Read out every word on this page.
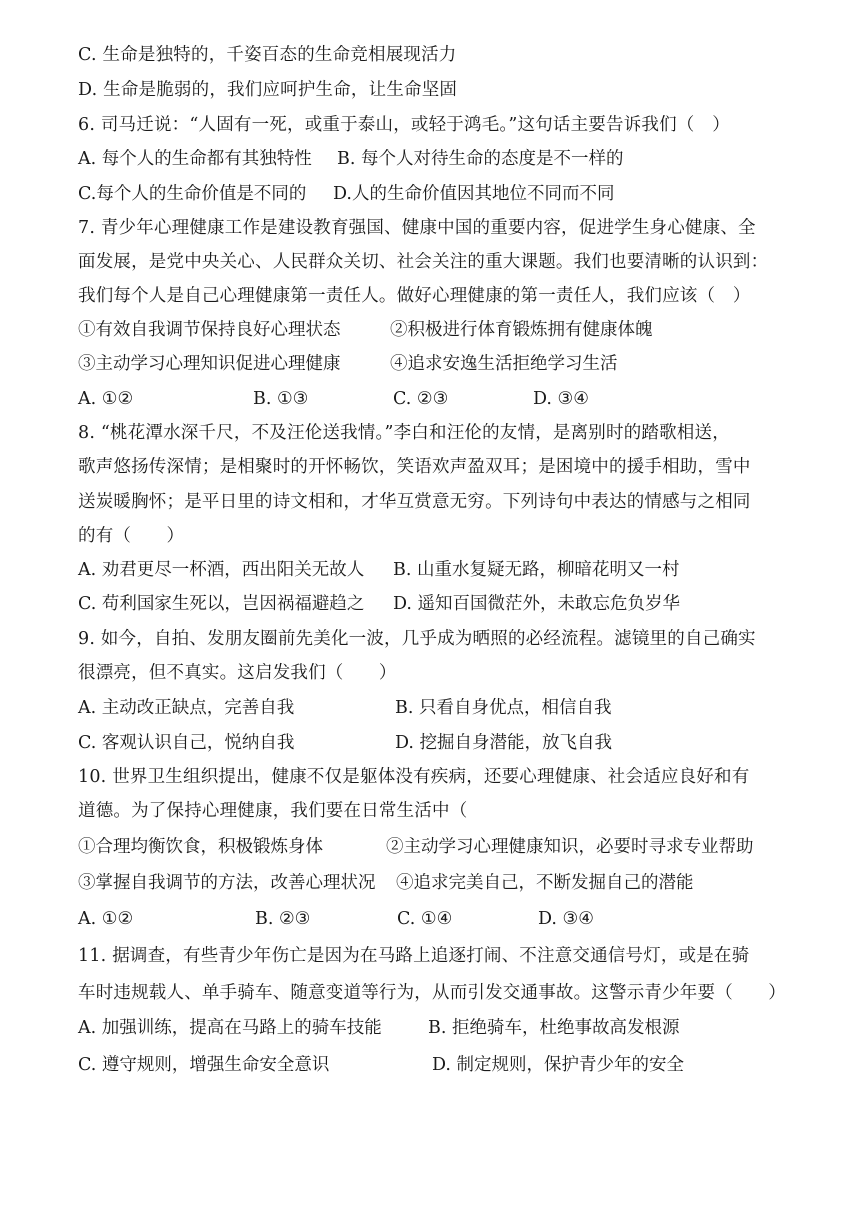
C. 生命是独特的，千姿百态的生命竞相展现活力
D. 生命是脆弱的，我们应呵护生命，让生命坚固
6. 司马迁说：“人固有一死，或重于泰山，或轻于鸿毛。”这句话主要告诉我们（　）
A. 每个人的生命都有其独特性 B. 每个人对待生命的态度是不一样的
C.每个人的生命价值是不同的 D.人的生命价值因其地位不同而不同
7. 青少年心理健康工作是建设教育强国、健康中国的重要内容，促进学生身心健康、全
面发展，是党中央关心、人民群众关切、社会关注的重大课题。我们也要清晰的认识到：
我们每个人是自己心理健康第一责任人。做好心理健康的第一责任人，我们应该（　）
①有效自我调节保持良好心理状态	②积极进行体育锻炼拥有健康体魄
③主动学习心理知识促进心理健康	④追求安逸生活拒绝学习生活
A. ①②	B. ①③	C. ②③	D. ③④
8. “桃花潭水深千尺，不及汪伦送我情。”李白和汪伦的友情，是离别时的踏歌相送，
歌声悠扬传深情；是相聚时的开怀畅饮，笑语欢声盈双耳；是困境中的援手相助，雪中
送炭暖胸怀；是平日里的诗文相和，才华互赏意无穷。下列诗句中表达的情感与之相同
的有（　　）
A. 劝君更尽一杯酒，西出阳关无故人 B. 山重水复疑无路，柳暗花明又一村
C. 苟利国家生死以，岂因祸福避趋之 D. 遥知百国微茫外，未敢忘危负岁华
9. 如今，自拍、发朋友圈前先美化一波，几乎成为晒照的必经流程。滤镜里的自己确实
很漂亮，但不真实。这启发我们（　　）
A. 主动改正缺点，完善自我	B. 只看自身优点，相信自我
C. 客观认识自己，悦纳自我	D. 挖掘自身潜能，放飞自我
10. 世界卫生组织提出，健康不仅是躯体没有疾病，还要心理健康、社会适应良好和有
道德。为了保持心理健康，我们要在日常生活中（
①合理均衡饮食，积极锻炼身体	②主动学习心理健康知识，必要时寻求专业帮助
③掌握自我调节的方法，改善心理状况 ④追求完美自己，不断发掘自己的潜能
A. ①②	B. ②③	C. ①④	D. ③④
11. 据调查，有些青少年伤亡是因为在马路上追逐打闹、不注意交通信号灯，或是在骑
车时违规载人、单手骑车、随意变道等行为，从而引发交通事故。这警示青少年要（　　）
A. 加强训练，提高在马路上的骑车技能	B. 拒绝骑车，杜绝事故高发根源
C. 遵守规则，增强生命安全意识	D. 制定规则，保护青少年的安全
